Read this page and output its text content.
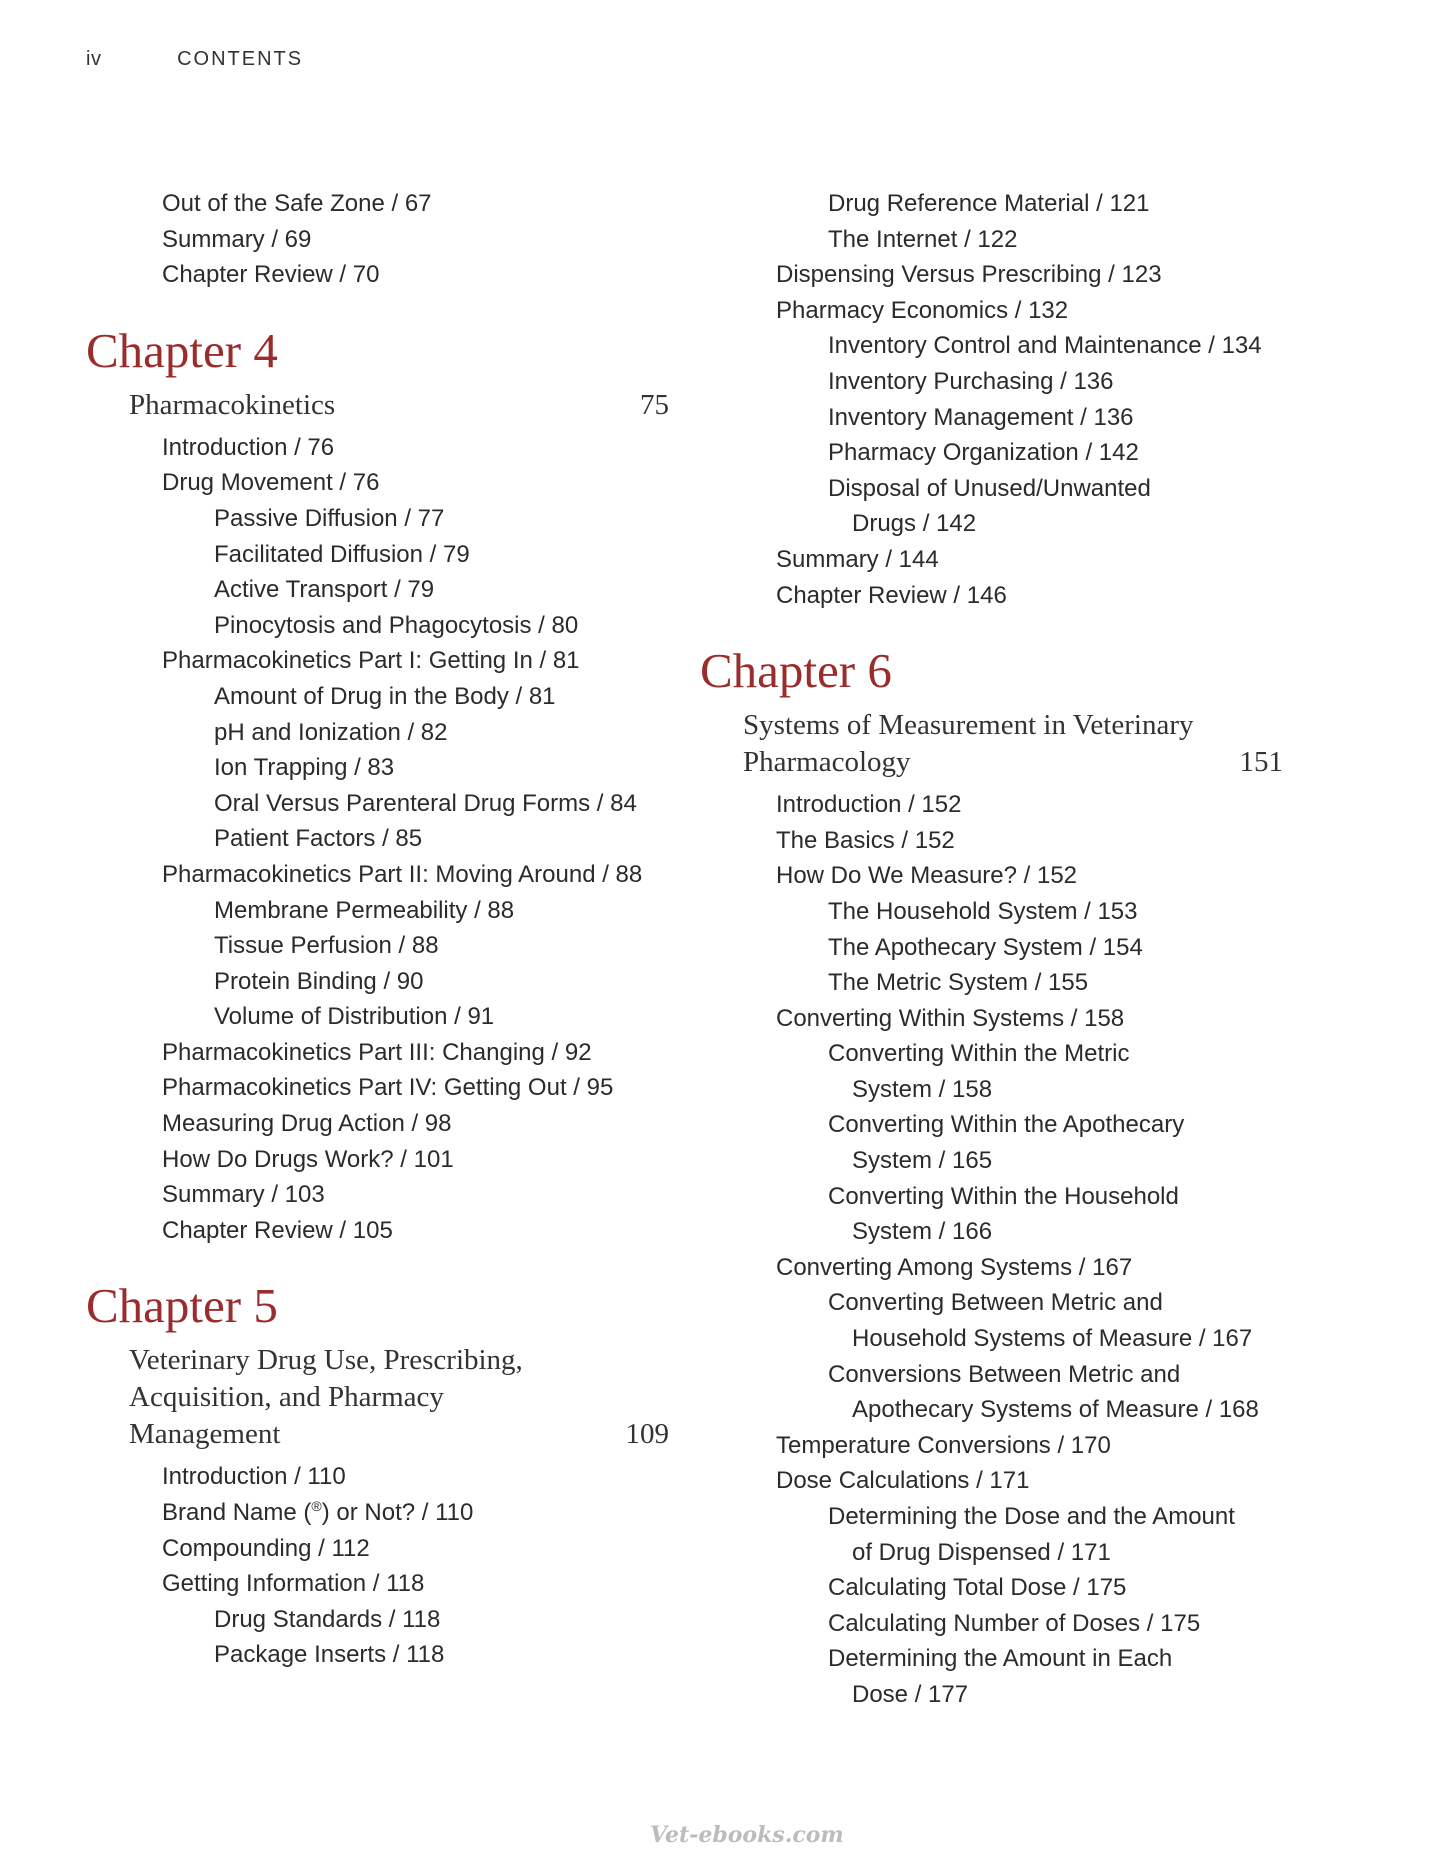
iv	CONTENTS
Out of the Safe Zone / 67
Summary / 69
Chapter Review / 70
Chapter 4
Pharmacokinetics	75
Introduction / 76
Drug Movement / 76
Passive Diffusion / 77
Facilitated Diffusion / 79
Active Transport / 79
Pinocytosis and Phagocytosis / 80
Pharmacokinetics Part I: Getting In / 81
Amount of Drug in the Body / 81
pH and Ionization / 82
Ion Trapping / 83
Oral Versus Parenteral Drug Forms / 84
Patient Factors / 85
Pharmacokinetics Part II: Moving Around / 88
Membrane Permeability / 88
Tissue Perfusion / 88
Protein Binding / 90
Volume of Distribution / 91
Pharmacokinetics Part III: Changing / 92
Pharmacokinetics Part IV: Getting Out / 95
Measuring Drug Action / 98
How Do Drugs Work? / 101
Summary / 103
Chapter Review / 105
Chapter 5
Veterinary Drug Use, Prescribing,
Acquisition, and Pharmacy
Management	109
Introduction / 110
Brand Name (®) or Not? / 110
Compounding / 112
Getting Information / 118
Drug Standards / 118
Package Inserts / 118
Drug Reference Material / 121
The Internet / 122
Dispensing Versus Prescribing / 123
Pharmacy Economics / 132
Inventory Control and Maintenance / 134
Inventory Purchasing / 136
Inventory Management / 136
Pharmacy Organization / 142
Disposal of Unused/Unwanted
Drugs / 142
Summary / 144
Chapter Review / 146
Chapter 6
Systems of Measurement in Veterinary
Pharmacology	151
Introduction / 152
The Basics / 152
How Do We Measure? / 152
The Household System / 153
The Apothecary System / 154
The Metric System / 155
Converting Within Systems / 158
Converting Within the Metric
System / 158
Converting Within the Apothecary
System / 165
Converting Within the Household
System / 166
Converting Among Systems / 167
Converting Between Metric and
Household Systems of Measure / 167
Conversions Between Metric and
Apothecary Systems of Measure / 168
Temperature Conversions / 170
Dose Calculations / 171
Determining the Dose and the Amount
of Drug Dispensed / 171
Calculating Total Dose / 175
Calculating Number of Doses / 175
Determining the Amount in Each
Dose / 177
Vet-ebooks.com
